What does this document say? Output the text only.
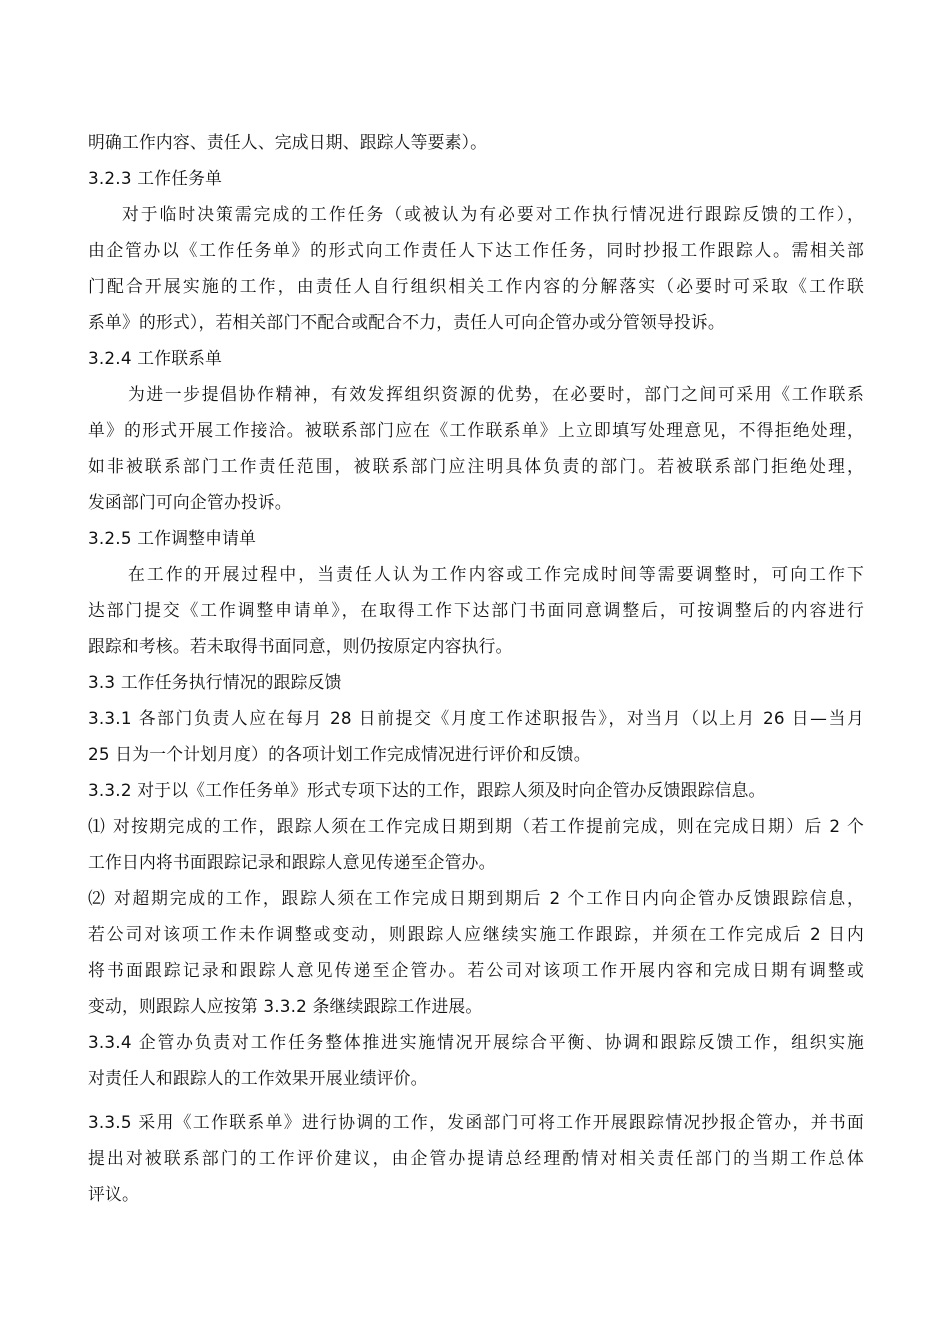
明确工作内容、责任人、完成日期、跟踪人等要素）。
3.2.3 工作任务单
对于临时决策需完成的工作任务（或被认为有必要对工作执行情况进行跟踪反馈的工作），
由企管办以《工作任务单》的形式向工作责任人下达工作任务，同时抄报工作跟踪人。需相关部
门配合开展实施的工作，由责任人自行组织相关工作内容的分解落实（必要时可采取《工作联
系单》的形式），若相关部门不配合或配合不力，责任人可向企管办或分管领导投诉。
3.2.4 工作联系单
为进一步提倡协作精神，有效发挥组织资源的优势，在必要时，部门之间可采用《工作联系
单》的形式开展工作接洽。被联系部门应在《工作联系单》上立即填写处理意见，不得拒绝处理，
如非被联系部门工作责任范围，被联系部门应注明具体负责的部门。若被联系部门拒绝处理，
发函部门可向企管办投诉。
3.2.5 工作调整申请单
在工作的开展过程中，当责任人认为工作内容或工作完成时间等需要调整时，可向工作下
达部门提交《工作调整申请单》，在取得工作下达部门书面同意调整后，可按调整后的内容进行
跟踪和考核。若未取得书面同意，则仍按原定内容执行。
3.3 工作任务执行情况的跟踪反馈
3.3.1 各部门负责人应在每月 28 日前提交《月度工作述职报告》，对当月（以上月 26 日—当月
25 日为一个计划月度）的各项计划工作完成情况进行评价和反馈。
3.3.2 对于以《工作任务单》形式专项下达的工作，跟踪人须及时向企管办反馈跟踪信息。
⑴ 对按期完成的工作，跟踪人须在工作完成日期到期（若工作提前完成，则在完成日期）后 2 个
工作日内将书面跟踪记录和跟踪人意见传递至企管办。
⑵ 对超期完成的工作，跟踪人须在工作完成日期到期后 2 个工作日内向企管办反馈跟踪信息，
若公司对该项工作未作调整或变动，则跟踪人应继续实施工作跟踪，并须在工作完成后 2 日内
将书面跟踪记录和跟踪人意见传递至企管办。若公司对该项工作开展内容和完成日期有调整或
变动，则跟踪人应按第 3.3.2 条继续跟踪工作进展。
3.3.4 企管办负责对工作任务整体推进实施情况开展综合平衡、协调和跟踪反馈工作，组织实施
对责任人和跟踪人的工作效果开展业绩评价。
3.3.5 采用《工作联系单》进行协调的工作，发函部门可将工作开展跟踪情况抄报企管办，并书面
提出对被联系部门的工作评价建议，由企管办提请总经理酌情对相关责任部门的当期工作总体
评议。
